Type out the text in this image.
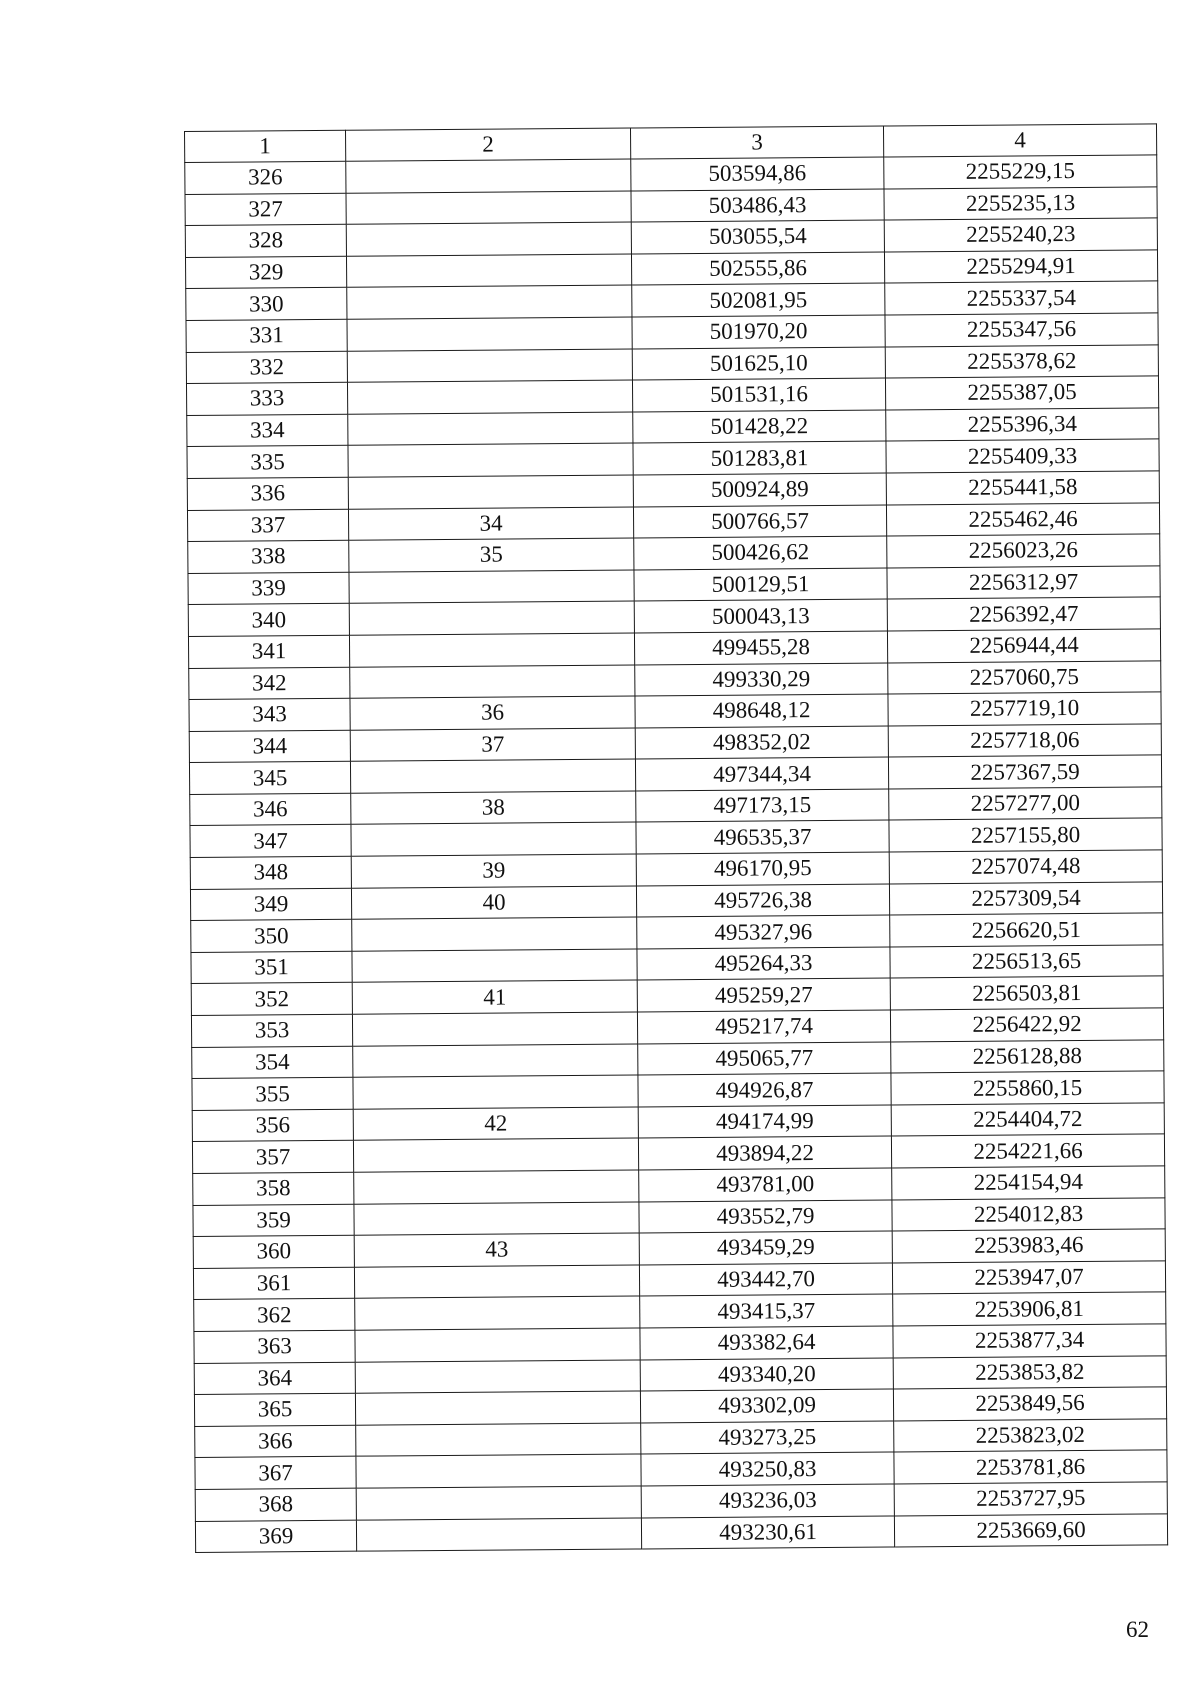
1	2	3	4
326		503594,86	2255229,15
327		503486,43	2255235,13
328		503055,54	2255240,23
329		502555,86	2255294,91
330		502081,95	2255337,54
331		501970,20	2255347,56
332		501625,10	2255378,62
333		501531,16	2255387,05
334		501428,22	2255396,34
335		501283,81	2255409,33
336		500924,89	2255441,58
337	34	500766,57	2255462,46
338	35	500426,62	2256023,26
339		500129,51	2256312,97
340		500043,13	2256392,47
341		499455,28	2256944,44
342		499330,29	2257060,75
343	36	498648,12	2257719,10
344	37	498352,02	2257718,06
345		497344,34	2257367,59
346	38	497173,15	2257277,00
347		496535,37	2257155,80
348	39	496170,95	2257074,48
349	40	495726,38	2257309,54
350		495327,96	2256620,51
351		495264,33	2256513,65
352	41	495259,27	2256503,81
353		495217,74	2256422,92
354		495065,77	2256128,88
355		494926,87	2255860,15
356	42	494174,99	2254404,72
357		493894,22	2254221,66
358		493781,00	2254154,94
359		493552,79	2254012,83
360	43	493459,29	2253983,46
361		493442,70	2253947,07
362		493415,37	2253906,81
363		493382,64	2253877,34
364		493340,20	2253853,82
365		493302,09	2253849,56
366		493273,25	2253823,02
367		493250,83	2253781,86
368		493236,03	2253727,95
369		493230,61	2253669,60
62
